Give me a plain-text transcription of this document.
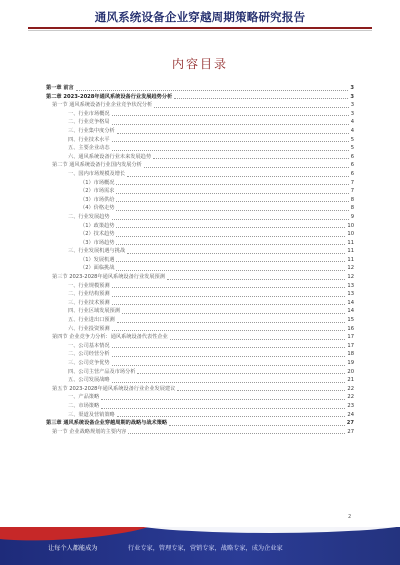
通风系统设备企业穿越周期策略研究报告
内容目录
第一章 前言	3
第二章 2023-2028年通风系统设备行业发展趋势分析	3
第一节 通风系统设备行业企业竞争状况分析	3
一、行业市场概况	3
二、行业竞争格局	4
三、行业集中度分析	4
四、行业技术水平	5
五、主要企业动态	5
六、通风系统设备行业未来发展趋势	6
第二节 通风系统设备行业国内发展分析	6
一、国内市场规模及增长	6
（1）市场概况	7
（2）市场需求	7
（3）市场供给	8
（4）价格走势	8
二、行业发展趋势	9
（1）政策趋势	10
（2）技术趋势	10
（3）市场趋势	11
三、行业发展机遇与挑战	11
（1）发展机遇	11
（2）面临挑战	12
第三节 2023-2028年通风系统设备行业发展预测	12
一、行业规模预测	13
二、行业结构预测	13
三、行业技术预测	14
四、行业区域发展预测	14
五、行业进出口预测	15
六、行业投资预测	16
第四节 企业竞争力分析：通风系统设备代表性企业	17
一、公司基本情况	17
二、公司经营分析	18
三、公司竞争优势	19
四、公司主营产品及市场分析	20
五、公司发展战略	21
第五节 2023-2028年通风系统设备行业企业发展建议	22
一、产品策略	22
二、市场策略	23
三、渠道及营销策略	24
第三章 通风系统设备企业穿越周期的战略与战术策略	27
第一节 企业战略规划的主要内容	27
2
让每个人都能成为	行业专家，管理专家，营销专家，战略专家，成为企业家
